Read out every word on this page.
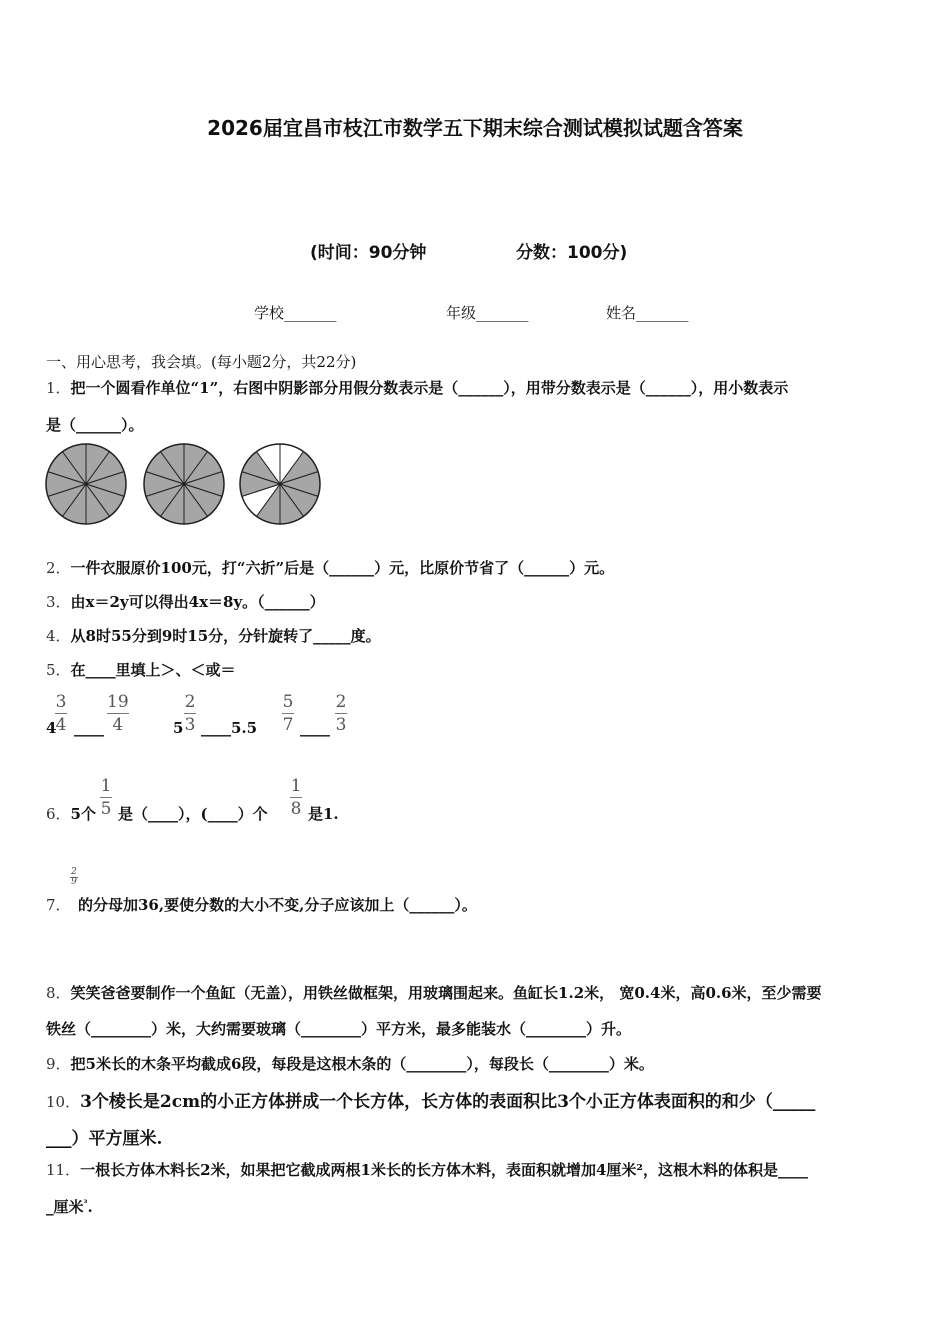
2026届宜昌市枝江市数学五下期末综合测试模拟试题含答案
(时间：90分钟	分数：100分)
学校_______	年级_______	姓名_______
一、用心思考，我会填。(每小题2分，共22分)
1．把一个圆看作单位“1”，右图中阴影部分用假分数表示是（______），用带分数表示是（______），用小数表示
是（______）。
2．一件衣服原价100元，打“六折”后是（______）元，比原价节省了（______）元。
3．由x＝2y可以得出4x＝8y。（______）
4．从8时55分到9时15分，分针旋转了_____度。
5．在____里填上＞、＜或＝
4
3
4 ____
19
4	5
2
3 ____5.5
5
7 ____
2
3
6．5个
1
5 是（____），(____）个
1
8 是1.
7．
2
9
的分母加36,要使分数的大小不变,分子应该加上（______）。
8．笑笑爸爸要制作一个鱼缸（无盖），用铁丝做框架，用玻璃围起来。鱼缸长1.2米， 宽0.4米，高0.6米，至少需要
铁丝（________）米，大约需要玻璃（________）平方米，最多能装水（________）升。
9．把5米长的木条平均截成6段，每段是这根木条的（________），每段长（________）米。
10．3个棱长是2cm的小正方体拼成一个长方体，长方体的表面积比3个小正方体表面积的和少（_____
___）平方厘米.
11．一根长方体木料长2米，如果把它截成两根1米长的长方体木料，表面积就增加4厘米²，这根木料的体积是____
_厘米$^{^3}$.
